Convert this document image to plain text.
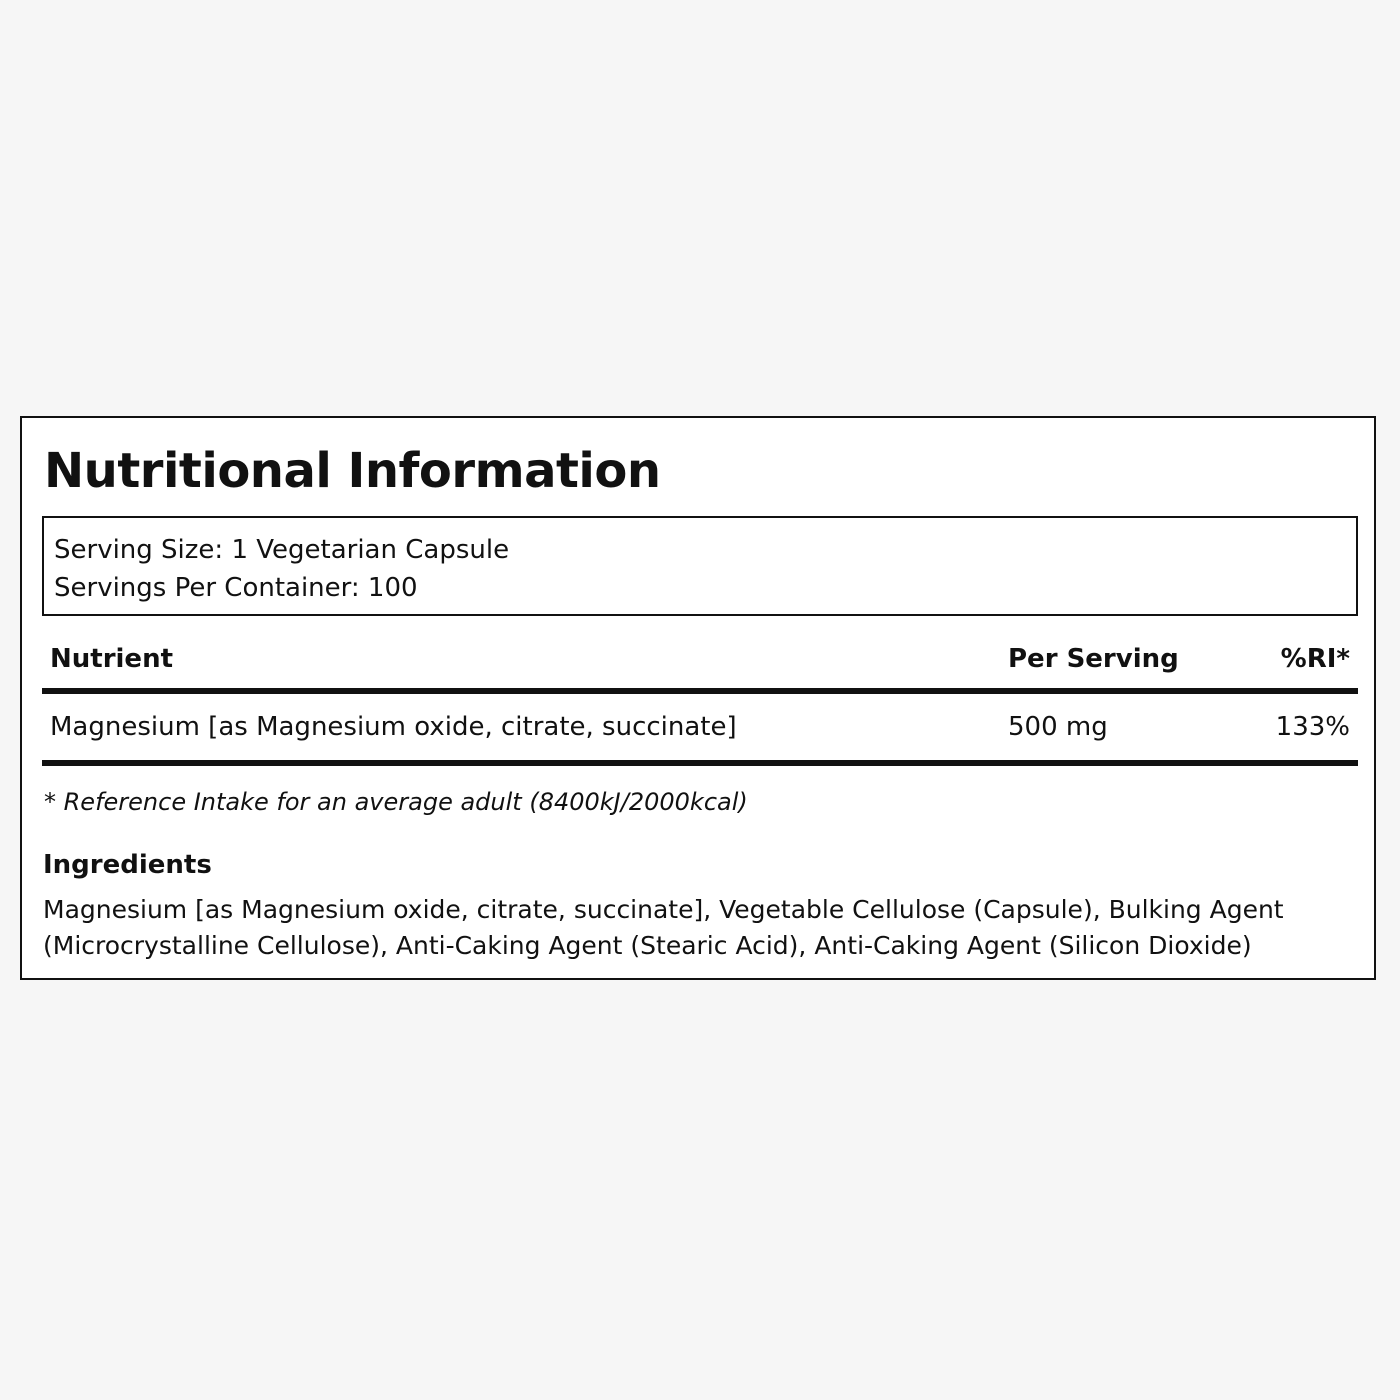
Nutritional Information
Serving Size: 1 Vegetarian Capsule
Servings Per Container: 100
Nutrient	Per Serving	%RI*
Magnesium [as Magnesium oxide, citrate, succinate]	500 mg	133%
* Reference Intake for an average adult (8400kJ/2000kcal)
Ingredients
Magnesium [as Magnesium oxide, citrate, succinate], Vegetable Cellulose (Capsule), Bulking Agent (Microcrystalline Cellulose), Anti-Caking Agent (Stearic Acid), Anti-Caking Agent (Silicon Dioxide)
